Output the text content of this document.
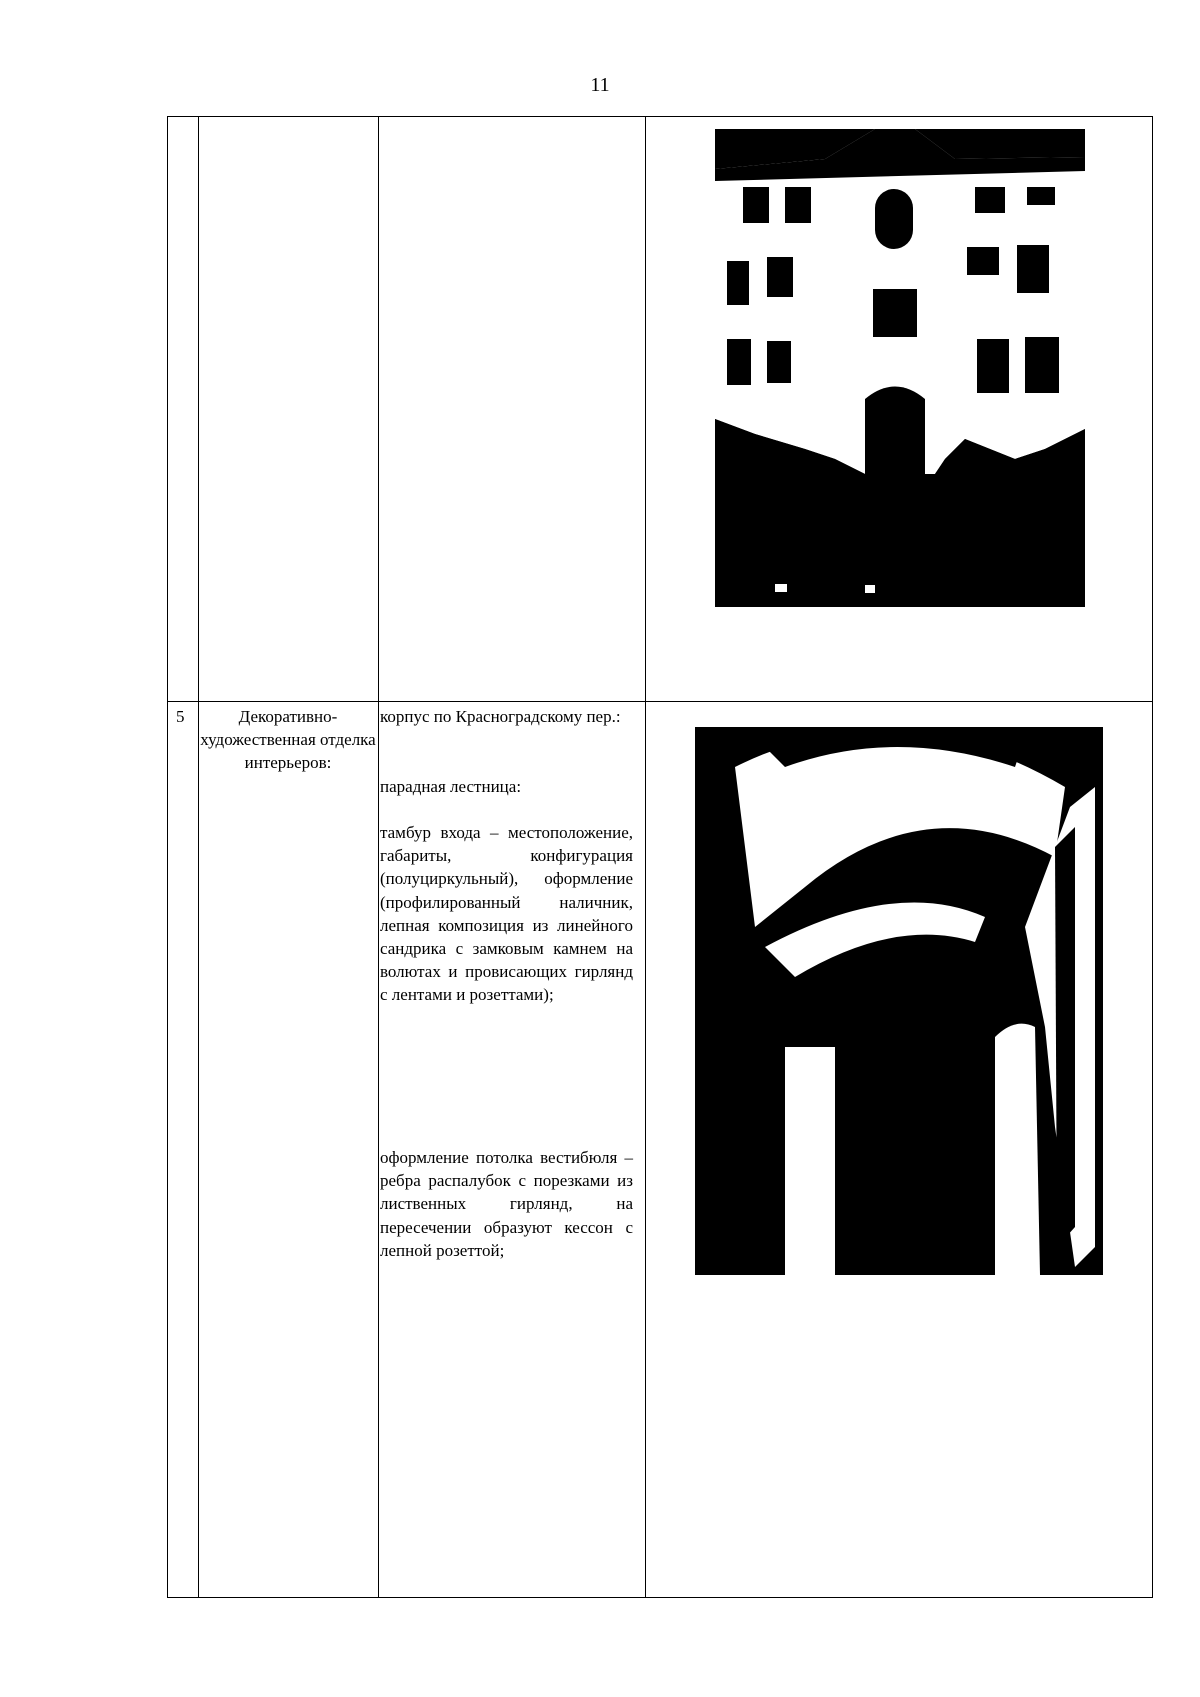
11
5	Декоративно-художественная отделка интерьеров:

корпус по Красноградскому пер.:

парадная лестница:

тамбур входа – местоположение, габариты, конфигурация (полуциркульный), оформление (профилированный наличник, лепная композиция из линейного сандрика с замковым камнем на волютах и провисающих гирлянд с лентами и розеттами);

оформление потолка вестибюля – ребра распалубок с порезками из лиственных гирлянд, на пересечении образуют кессон с лепной розеттой;
